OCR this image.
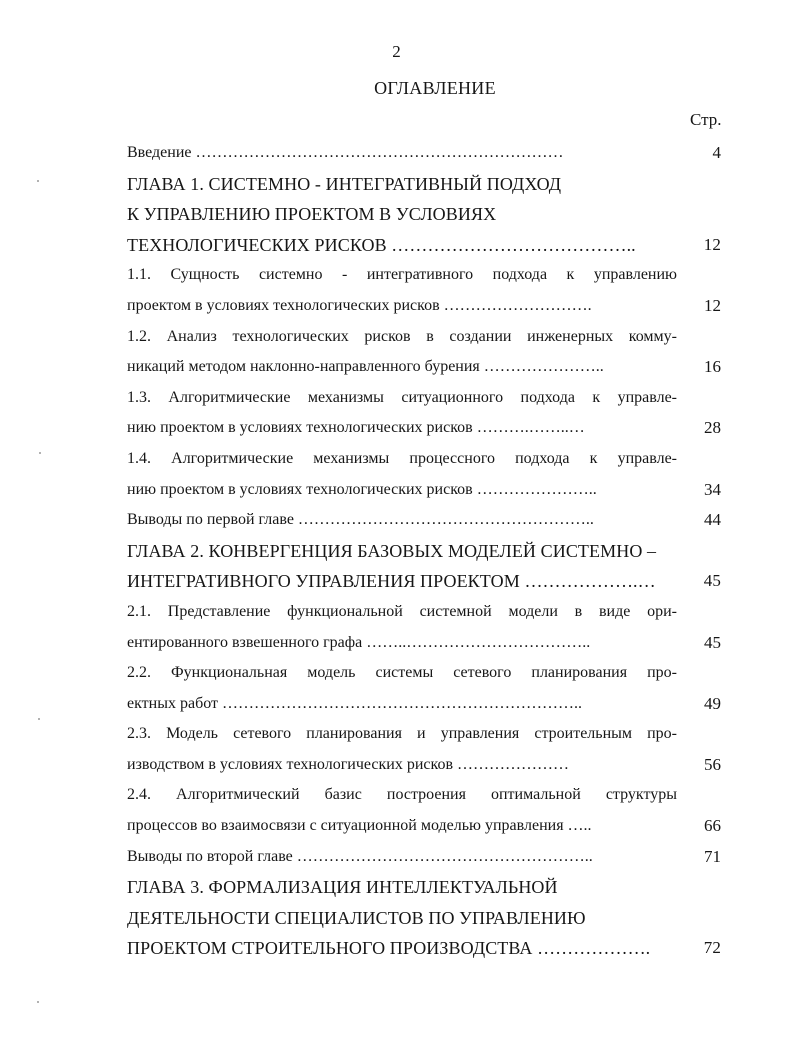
2
ОГЛАВЛЕНИЕ
Стр.
Введение ……………………………………………………………	4
ГЛАВА 1. СИСТЕМНО - ИНТЕГРАТИВНЫЙ ПОДХОД
К УПРАВЛЕНИЮ ПРОЕКТОМ В УСЛОВИЯХ
ТЕХНОЛОГИЧЕСКИХ РИСКОВ …………………………………..	12
1.1. Сущность системно - интегративного подхода к управлению
проектом в условиях технологических рисков ……………………….	12
1.2. Анализ технологических рисков в создании инженерных комму-
никаций методом наклонно-направленного бурения …………………..	16
1.3. Алгоритмические механизмы ситуационного подхода к управле-
нию проектом в условиях технологических рисков ……….……..…	28
1.4. Алгоритмические механизмы процессного подхода к управле-
нию проектом в условиях технологических рисков …………………..	34
Выводы по первой главе ………………………………………………..	44
ГЛАВА 2. КОНВЕРГЕНЦИЯ БАЗОВЫХ МОДЕЛЕЙ СИСТЕМНО –
ИНТЕГРАТИВНОГО УПРАВЛЕНИЯ ПРОЕКТОМ ……………….…	45
2.1. Представление функциональной системной модели в виде ори-
ентированного взвешенного графа ……..……………………………..	45
2.2. Функциональная модель системы сетевого планирования про-
ектных работ …………………………………………………………..	49
2.3. Модель сетевого планирования и управления строительным про-
изводством в условиях технологических рисков …………………	56
2.4. Алгоритмический базис построения оптимальной структуры
процессов во взаимосвязи с ситуационной моделью управления …..	66
Выводы по второй главе ………………………………………………..	71
ГЛАВА 3. ФОРМАЛИЗАЦИЯ ИНТЕЛЛЕКТУАЛЬНОЙ
ДЕЯТЕЛЬНОСТИ СПЕЦИАЛИСТОВ ПО УПРАВЛЕНИЮ
ПРОЕКТОМ СТРОИТЕЛЬНОГО ПРОИЗВОДСТВА ……………….	72
